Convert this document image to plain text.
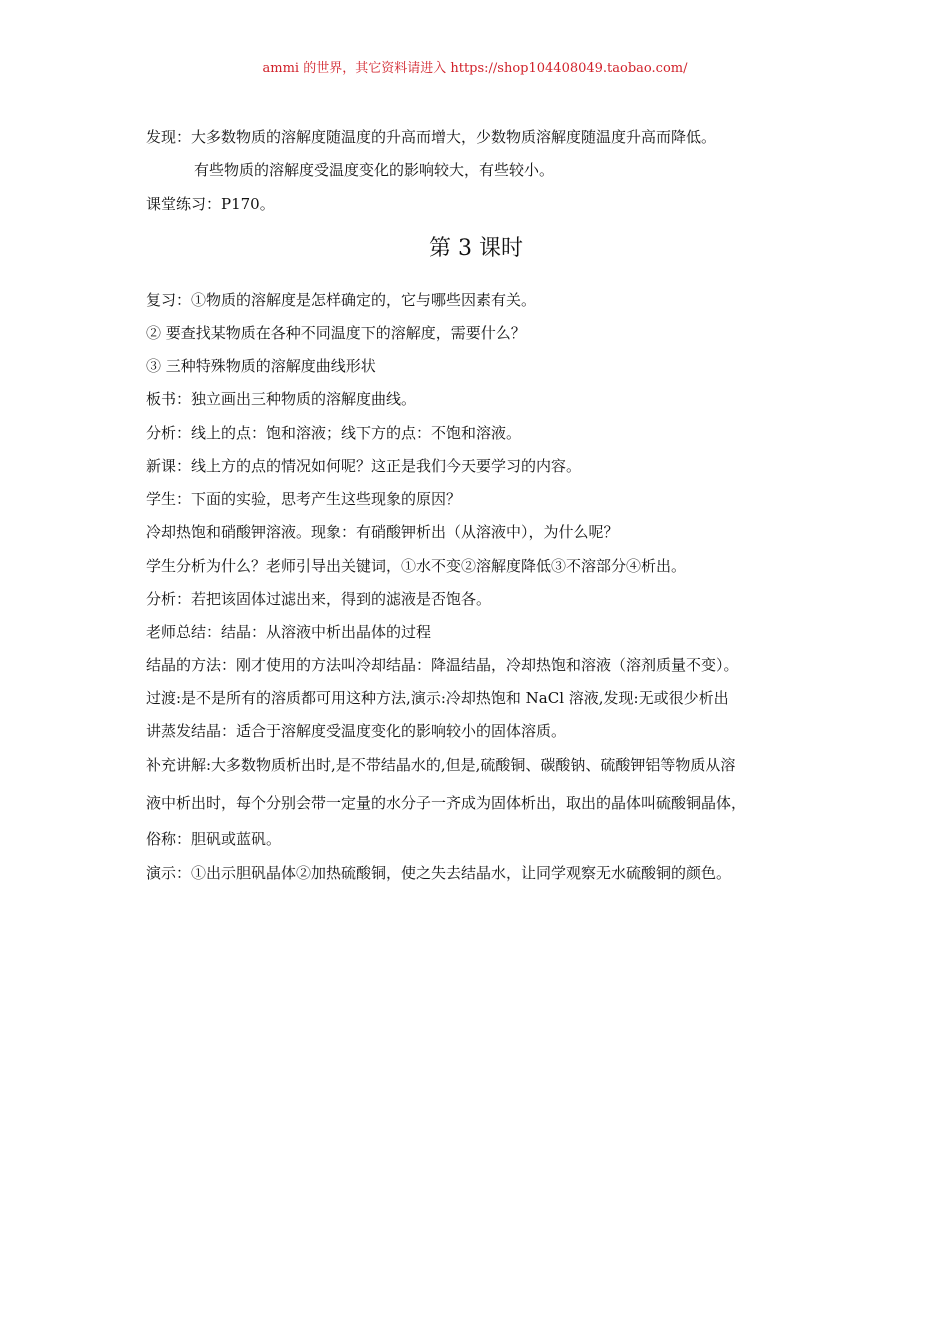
ammi 的世界，其它资料请进入 https://shop104408049.taobao.com/
发现：大多数物质的溶解度随温度的升高而增大，少数物质溶解度随温度升高而降低。
有些物质的溶解度受温度变化的影响较大，有些较小。
课堂练习：P170。
第 3 课时
复习：①物质的溶解度是怎样确定的，它与哪些因素有关。
② 要查找某物质在各种不同温度下的溶解度，需要什么？
③ 三种特殊物质的溶解度曲线形状
板书：独立画出三种物质的溶解度曲线。
分析：线上的点：饱和溶液；线下方的点：不饱和溶液。
新课：线上方的点的情况如何呢？这正是我们今天要学习的内容。
学生：下面的实验，思考产生这些现象的原因？
冷却热饱和硝酸钾溶液。现象：有硝酸钾析出（从溶液中），为什么呢？
学生分析为什么？老师引导出关键词，①水不变②溶解度降低③不溶部分④析出。
分析：若把该固体过滤出来，得到的滤液是否饱各。
老师总结：结晶：从溶液中析出晶体的过程
结晶的方法：刚才使用的方法叫冷却结晶：降温结晶，冷却热饱和溶液（溶剂质量不变）。
过渡:是不是所有的溶质都可用这种方法,演示:冷却热饱和 NaCl 溶液,发现:无或很少析出
讲蒸发结晶：适合于溶解度受温度变化的影响较小的固体溶质。
补充讲解:大多数物质析出时,是不带结晶水的,但是,硫酸铜、碳酸钠、硫酸钾铝等物质从溶
液中析出时，每个分别会带一定量的水分子一齐成为固体析出，取出的晶体叫硫酸铜晶体，
俗称：胆矾或蓝矾。
演示：①出示胆矾晶体②加热硫酸铜，使之失去结晶水，让同学观察无水硫酸铜的颜色。
